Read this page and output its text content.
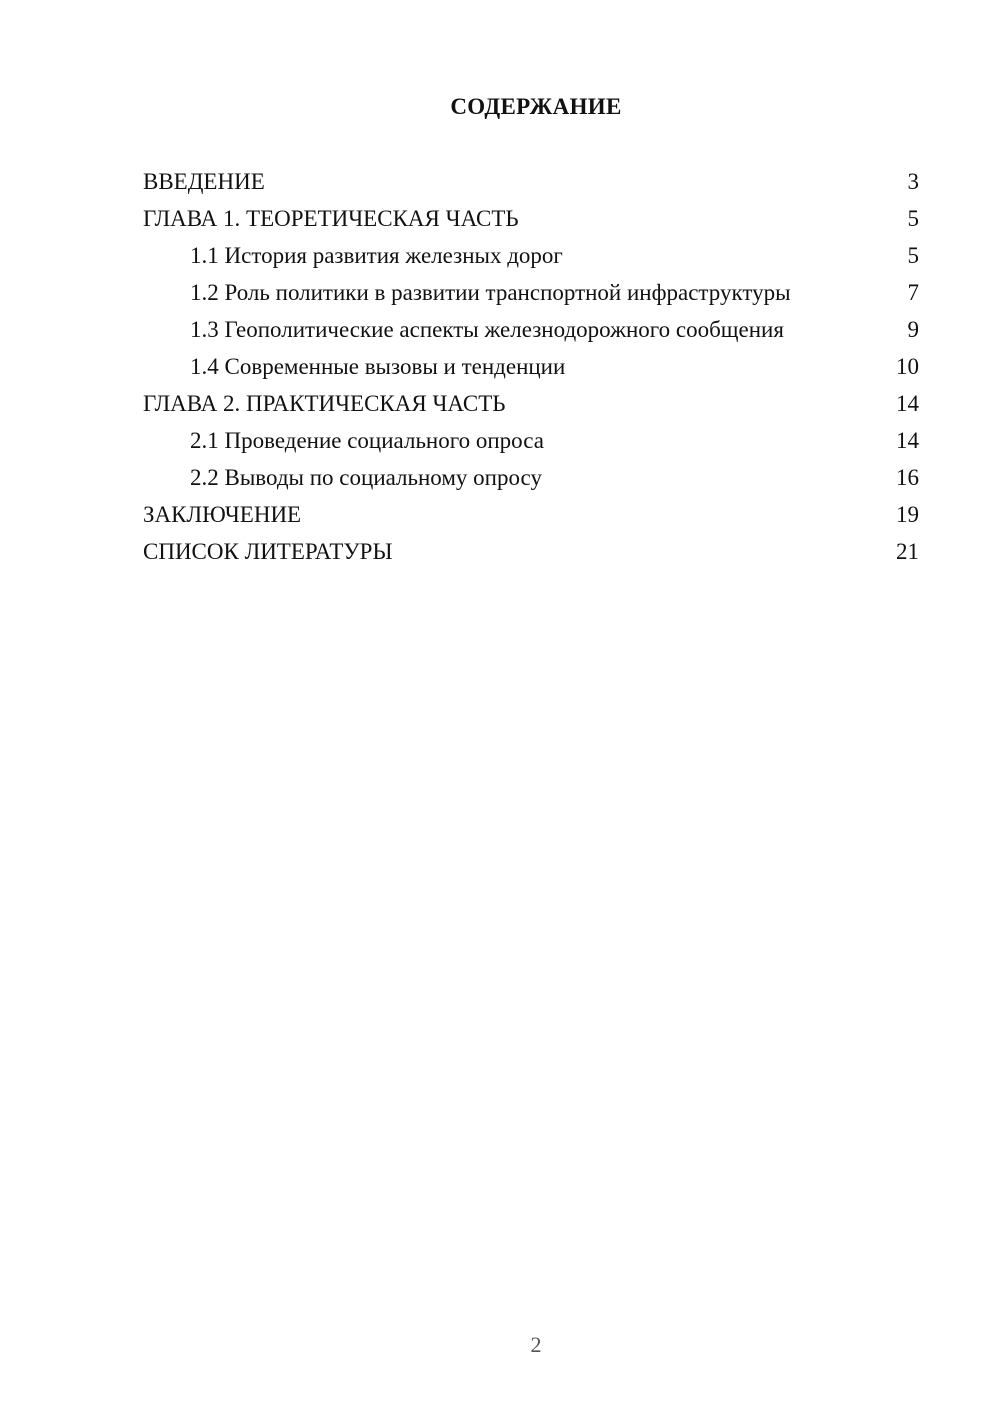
СОДЕРЖАНИЕ
ВВЕДЕНИЕ	3
ГЛАВА 1. ТЕОРЕТИЧЕСКАЯ ЧАСТЬ	5
1.1 История развития железных дорог	5
1.2 Роль политики в развитии транспортной инфраструктуры	7
1.3 Геополитические аспекты железнодорожного сообщения	9
1.4 Современные вызовы и тенденции	10
ГЛАВА 2. ПРАКТИЧЕСКАЯ ЧАСТЬ	14
2.1 Проведение социального опроса	14
2.2 Выводы по социальному опросу	16
ЗАКЛЮЧЕНИЕ	19
СПИСОК ЛИТЕРАТУРЫ	21
2
